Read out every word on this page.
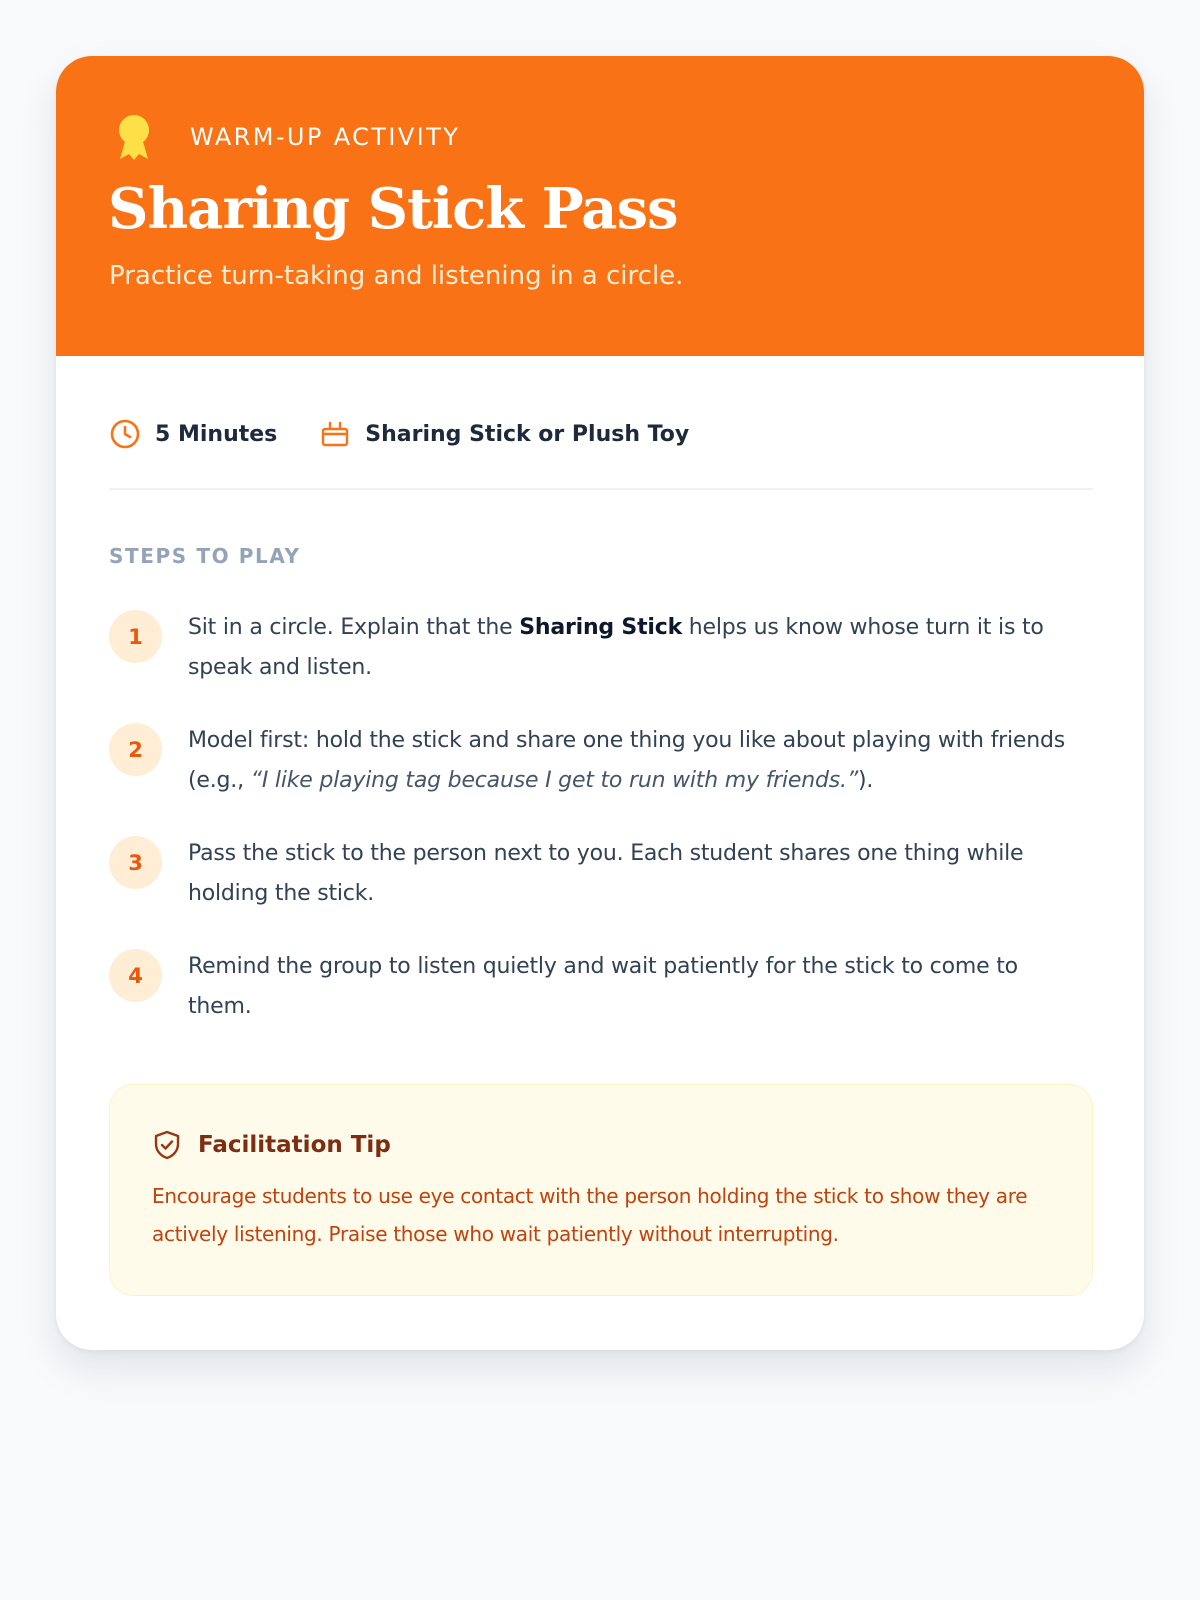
WARM-UP ACTIVITY
Sharing Stick Pass

Practice turn-taking and listening in a circle.

5 Minutes	Sharing Stick or Plush Toy
STEPS TO PLAY
1	Sit in a circle. Explain that the Sharing Stick helps us know whose turn it is to speak and listen.

2	Model first: hold the stick and share one thing you like about playing with friends (e.g., “I like playing tag because I get to run with my friends.”).

3	Pass the stick to the person next to you. Each student shares one thing while holding the stick.

4	Remind the group to listen quietly and wait patiently for the stick to come to them.

Facilitation Tip

Encourage students to use eye contact with the person holding the stick to show they are actively listening. Praise those who wait patiently without interrupting.
